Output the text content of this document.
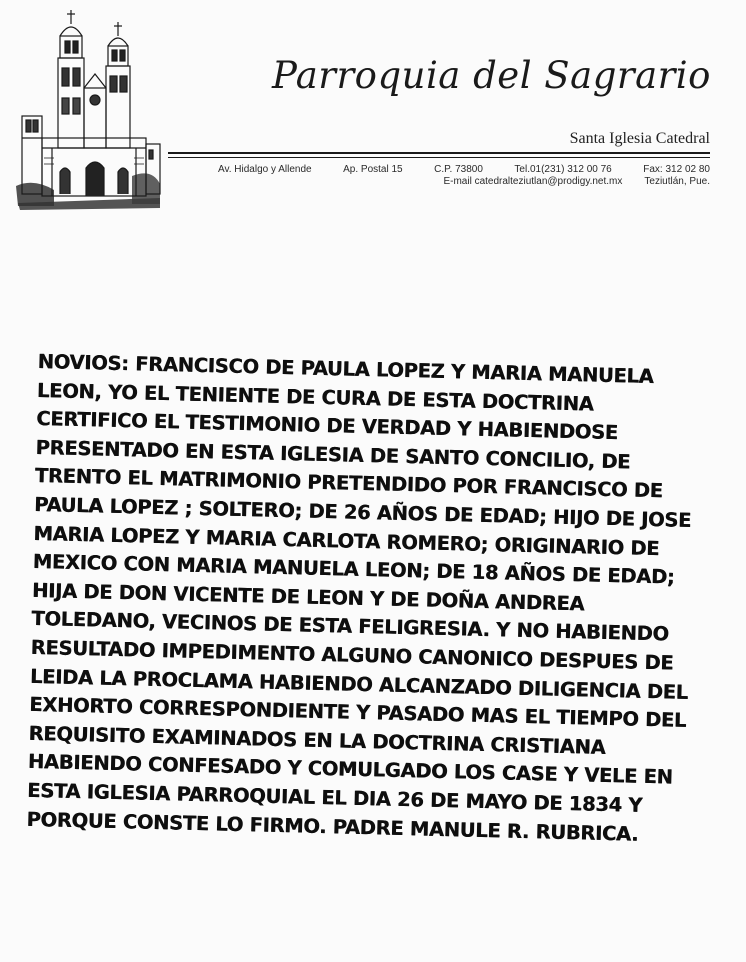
Parroquia del Sagrario
Santa Iglesia Catedral
Av. Hidalgo y Allende	Ap. Postal 15	C.P. 73800	Tel.01(231) 312 00 76	Fax: 312 02 80
E-mail catedralteziutlan@prodigy.net.mx Teziutlán, Pue.
NOVIOS: FRANCISCO DE PAULA LOPEZ Y MARIA MANUELA
LEON, YO EL TENIENTE DE CURA DE ESTA DOCTRINA
CERTIFICO EL TESTIMONIO DE VERDAD Y HABIENDOSE
PRESENTADO EN ESTA IGLESIA DE SANTO CONCILIO, DE
TRENTO EL MATRIMONIO PRETENDIDO POR FRANCISCO DE
PAULA LOPEZ ; SOLTERO; DE 26 AÑOS DE EDAD; HIJO DE JOSE
MARIA LOPEZ Y MARIA CARLOTA ROMERO; ORIGINARIO DE
MEXICO CON MARIA MANUELA LEON; DE 18 AÑOS DE EDAD;
HIJA DE DON VICENTE DE LEON Y DE DOÑA ANDREA
TOLEDANO, VECINOS DE ESTA FELIGRESIA. Y NO HABIENDO
RESULTADO IMPEDIMENTO ALGUNO CANONICO DESPUES DE
LEIDA LA PROCLAMA HABIENDO ALCANZADO DILIGENCIA DEL
EXHORTO CORRESPONDIENTE Y PASADO MAS EL TIEMPO DEL
REQUISITO EXAMINADOS EN LA DOCTRINA CRISTIANA
HABIENDO CONFESADO Y COMULGADO LOS CASE Y VELE EN
ESTA IGLESIA PARROQUIAL EL DIA 26 DE MAYO DE 1834 Y
PORQUE CONSTE LO FIRMO. PADRE MANULE R. RUBRICA.
